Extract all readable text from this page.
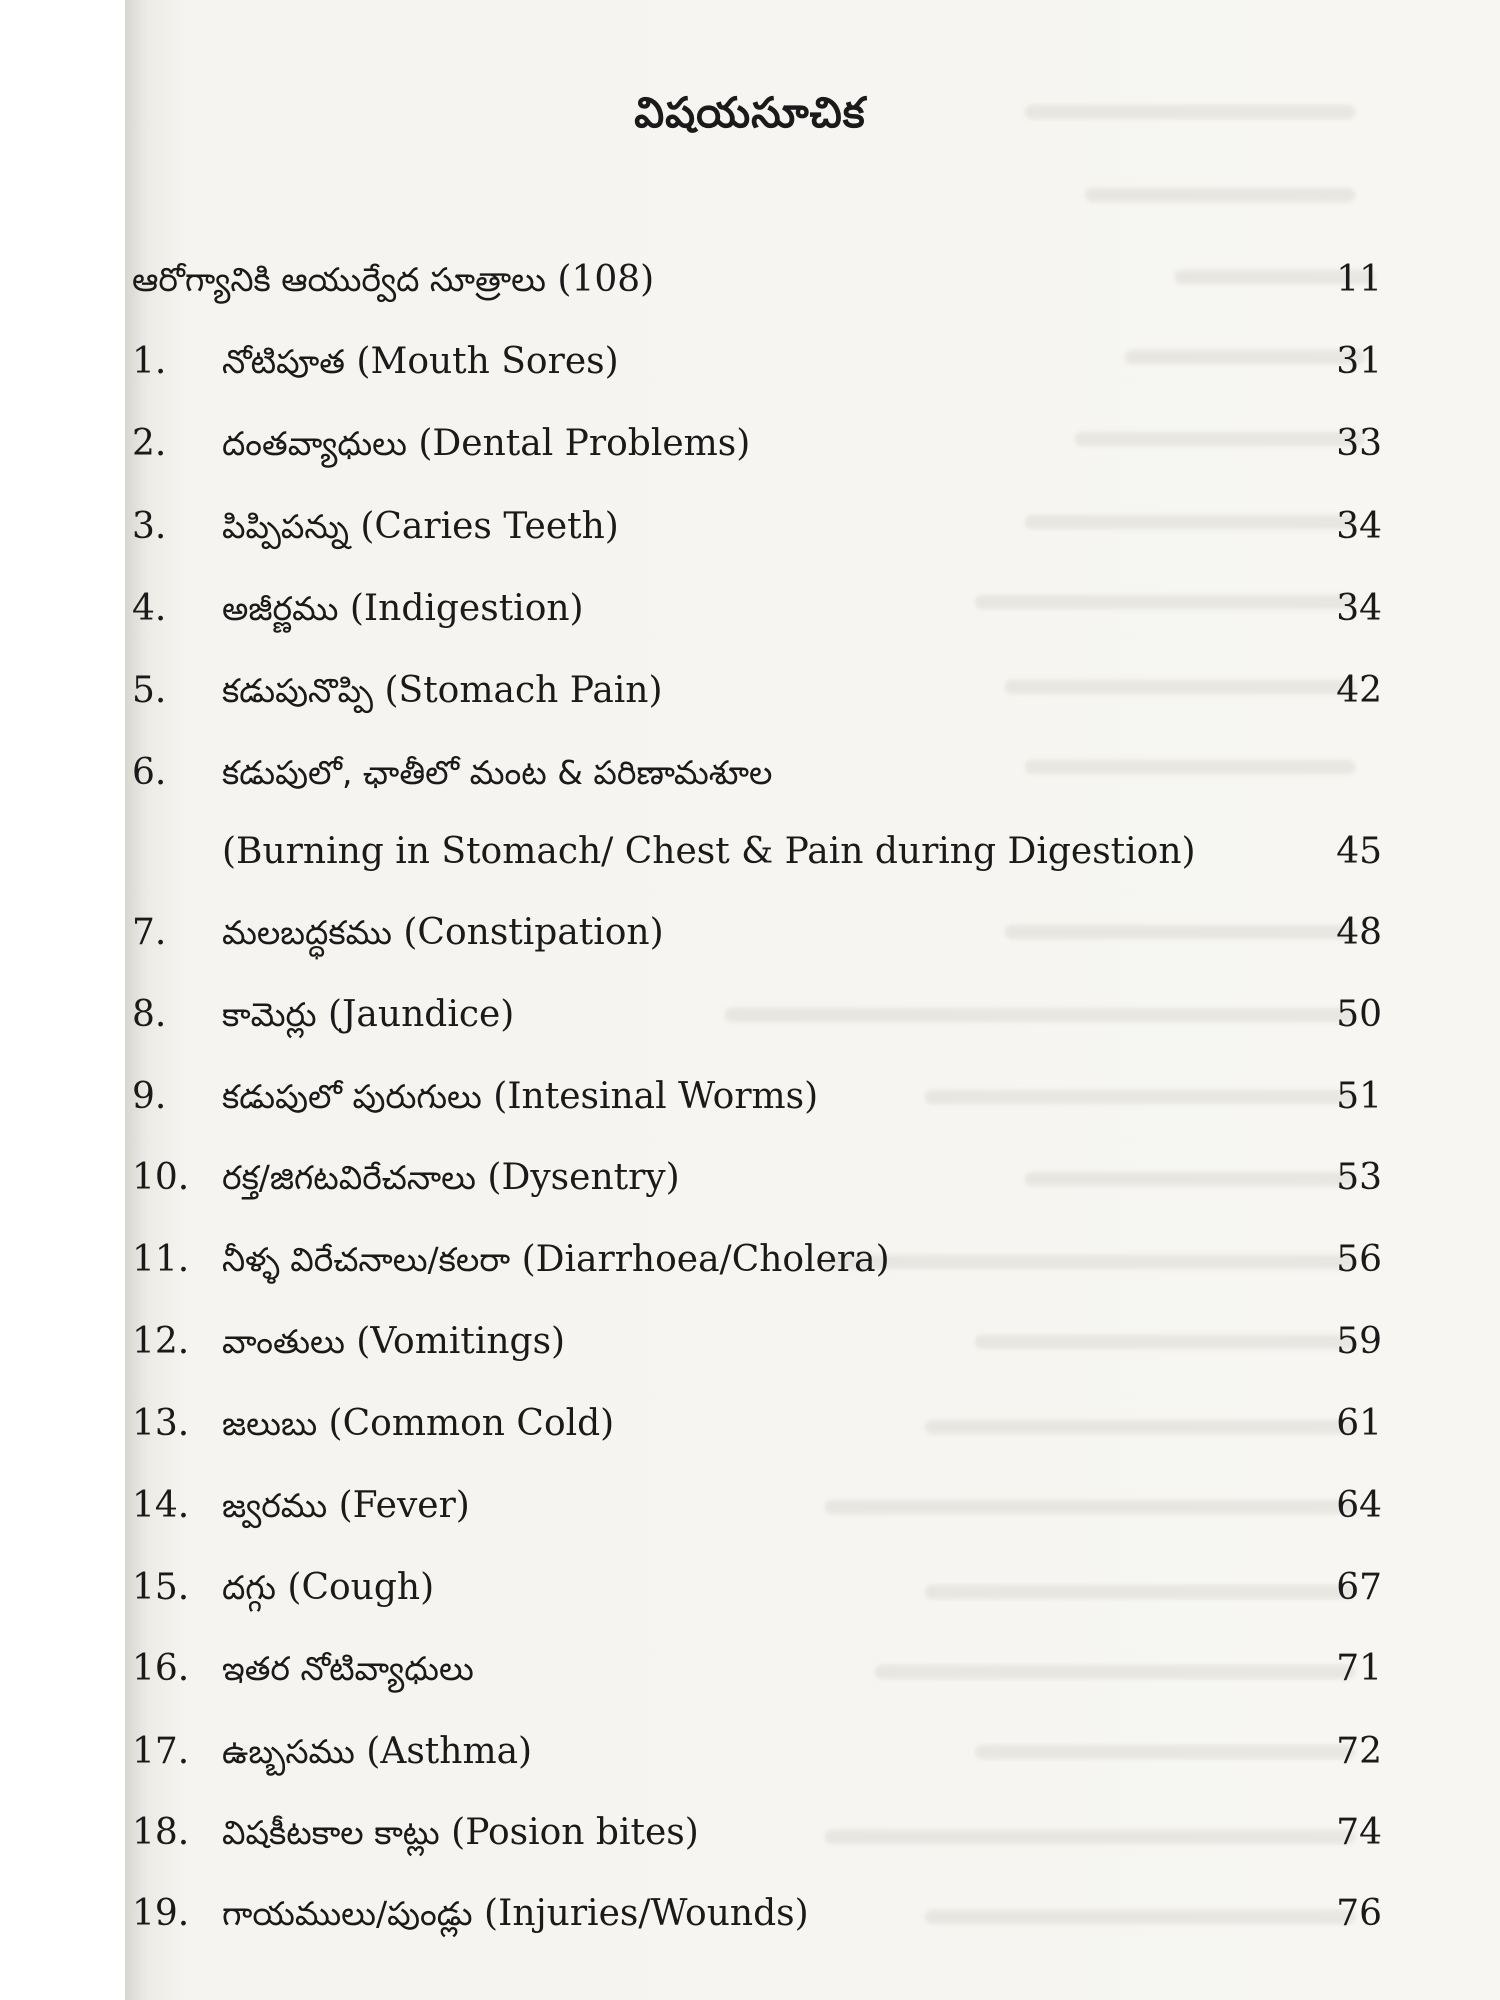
విషయసూచిక
ఆరోగ్యానికి ఆయుర్వేద సూత్రాలు (108)	11
1. నోటిపూత (Mouth Sores)	31
2. దంతవ్యాధులు (Dental Problems)	33
3. పిప్పిపన్ను (Caries Teeth)	34
4. అజీర్ణము (Indigestion)	34
5. కడుపునొప్పి (Stomach Pain)	42
6. కడుపులో, ఛాతీలో మంట & పరిణామశూల
(Burning in Stomach/ Chest & Pain during Digestion)	45
7. మలబద్ధకము (Constipation)	48
8. కామెర్లు (Jaundice)	50
9. కడుపులో పురుగులు (Intesinal Worms)	51
10. రక్త/జిగటవిరేచనాలు (Dysentry)	53
11. నీళ్ళ విరేచనాలు/కలరా (Diarrhoea/Cholera)	56
12. వాంతులు (Vomitings)	59
13. జలుబు (Common Cold)	61
14. జ్వరము (Fever)	64
15. దగ్గు (Cough)	67
16. ఇతర నోటివ్యాధులు	71
17. ఉబ్బసము (Asthma)	72
18. విషకీటకాల కాట్లు (Posion bites)	74
19. గాయములు/పుండ్లు (Injuries/Wounds)	76
